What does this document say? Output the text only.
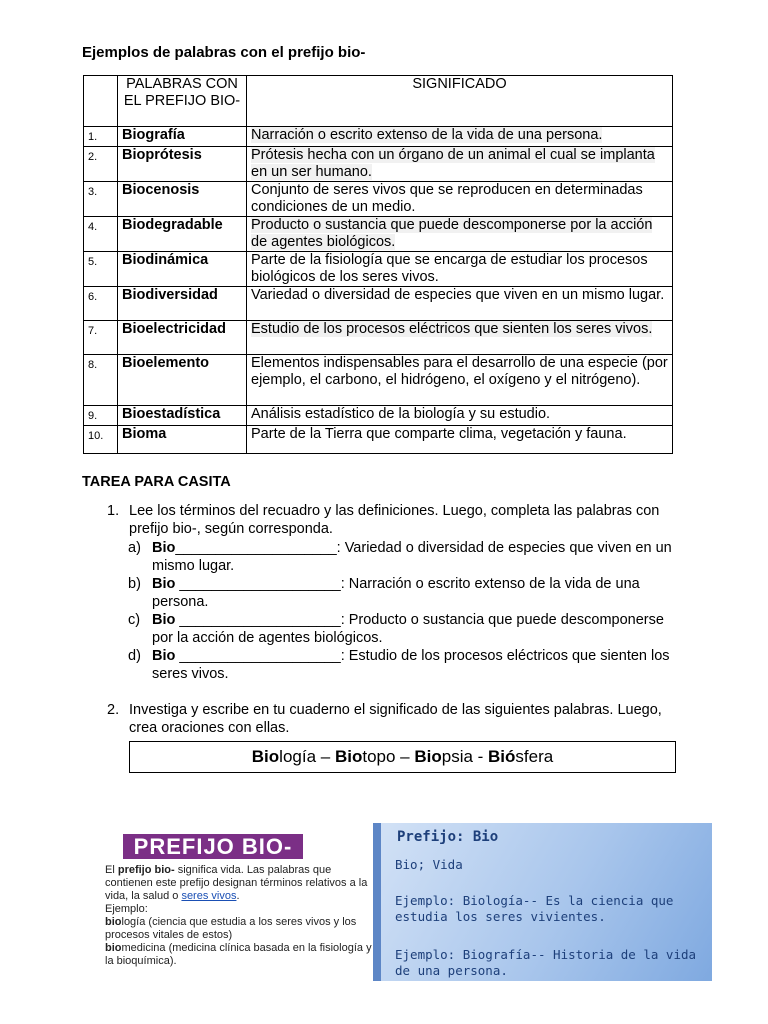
Ejemplos de palabras con el prefijo bio-
	PALABRAS CON EL PREFIJO BIO-	SIGNIFICADO
1.	Biografía	Narración o escrito extenso de la vida de una persona.
2.	Bioprótesis	Prótesis hecha con un órgano de un animal el cual se implanta en un ser humano.
3.	Biocenosis	Conjunto de seres vivos que se reproducen en determinadas condiciones de un medio.
4.	Biodegradable	Producto o sustancia que puede descomponerse por la acción de agentes biológicos.
5.	Biodinámica	Parte de la fisiología que se encarga de estudiar los procesos biológicos de los seres vivos.
6.	Biodiversidad	Variedad o diversidad de especies que viven en un mismo lugar.
7.	Bioelectricidad	Estudio de los procesos eléctricos que sienten los seres vivos.
8.	Bioelemento	Elementos indispensables para el desarrollo de una especie (por ejemplo, el carbono, el hidrógeno, el oxígeno y el nitrógeno).
9.	Bioestadística	Análisis estadístico de la biología y su estudio.
10.	Bioma	Parte de la Tierra que comparte clima, vegetación y fauna.
TAREA PARA CASITA
1. Lee los términos del recuadro y las definiciones. Luego, completa las palabras con prefijo bio-, según corresponda.
a) Bio____________________: Variedad o diversidad de especies que viven en un mismo lugar.
b) Bio ____________________: Narración o escrito extenso de la vida de una persona.
c) Bio ____________________: Producto o sustancia que puede descomponerse por la acción de agentes biológicos.
d) Bio ____________________: Estudio de los procesos eléctricos que sienten los seres vivos.
2. Investiga y escribe en tu cuaderno el significado de las siguientes palabras. Luego, crea oraciones con ellas.
Biología – Biotopo – Biopsia - Biósfera
PREFIJO BIO-
El prefijo bio- significa vida. Las palabras que contienen este prefijo designan términos relativos a la vida, la salud o seres vivos.
Ejemplo:
biología (ciencia que estudia a los seres vivos y los procesos vitales de estos)
biomedicina (medicina clínica basada en la fisiología y la bioquímica).
Prefijo: Bio
Bio; Vida
Ejemplo: Biología-- Es la ciencia que estudia los seres vivientes.
Ejemplo: Biografía-- Historia de la vida de una persona.
